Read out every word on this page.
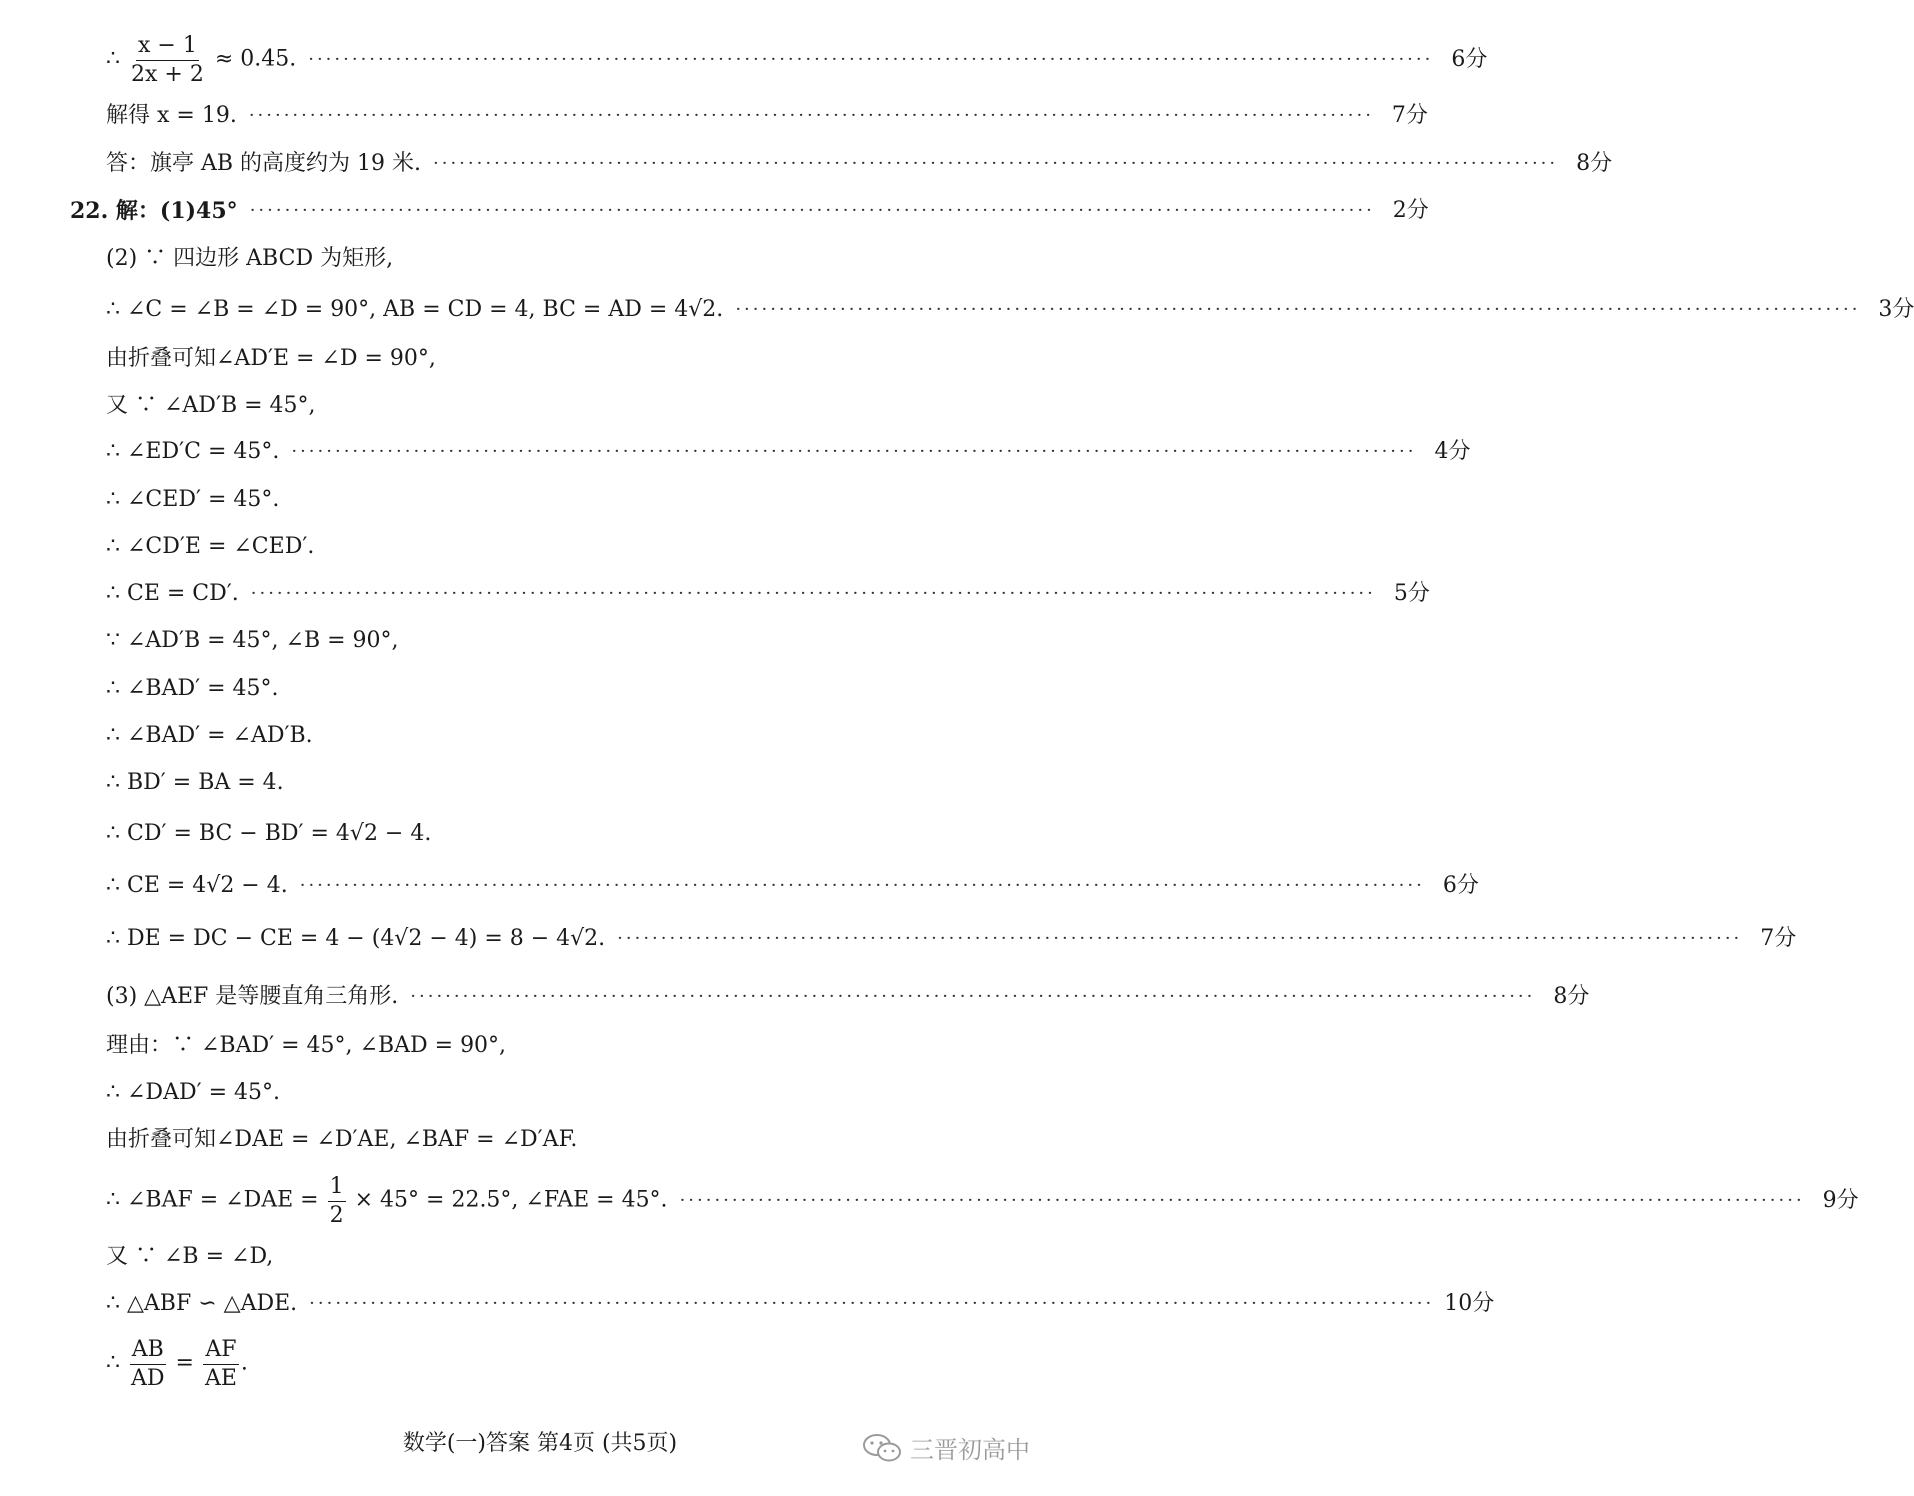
∴ $\frac{x - 1}{2x + 2} \approx 0.45$. ································································································································· 6分
解得 x = 19. ································································································································· 7分
答：旗亭 AB 的高度约为 19 米. ································································································································· 8分
22. 解：(1)45° ································································································································· 2分
(2) ∵ 四边形 ABCD 为矩形,
∴ ∠C = ∠B = ∠D = 90°, AB = CD = 4, BC = AD = 4√2. ································································································································· 3分
由折叠可知∠AD′E = ∠D = 90°,
又 ∵ ∠AD′B = 45°,
∴ ∠ED′C = 45°. ································································································································· 4分
∴ ∠CED′ = 45°.
∴ ∠CD′E = ∠CED′.
∴ CE = CD′. ································································································································· 5分
∵ ∠AD′B = 45°, ∠B = 90°,
∴ ∠BAD′ = 45°.
∴ ∠BAD′ = ∠AD′B.
∴ BD′ = BA = 4.
∴ CD′ = BC − BD′ = 4√2 − 4.
∴ CE = 4√2 − 4. ································································································································· 6分
∴ DE = DC − CE = 4 − (4√2 − 4) = 8 − 4√2. ································································································································· 7分
(3) △AEF 是等腰直角三角形. ································································································································· 8分
理由：∵ ∠BAD′ = 45°, ∠BAD = 90°,
∴ ∠DAD′ = 45°.
由折叠可知∠DAE = ∠D′AE, ∠BAF = ∠D′AF.
∴ ∠BAF = ∠DAE = $\frac{1}{2} \times 45^\circ = 22.5^\circ$, ∠FAE = 45°. ································································································································· 9分
又 ∵ ∠B = ∠D,
∴ △ABF ∽ △ADE. ································································································································· 10分
∴ $\frac{AB}{AD} = \frac{AF}{AE}$ .
数学(一)答案 第4页 (共5页)	三晋初高中
